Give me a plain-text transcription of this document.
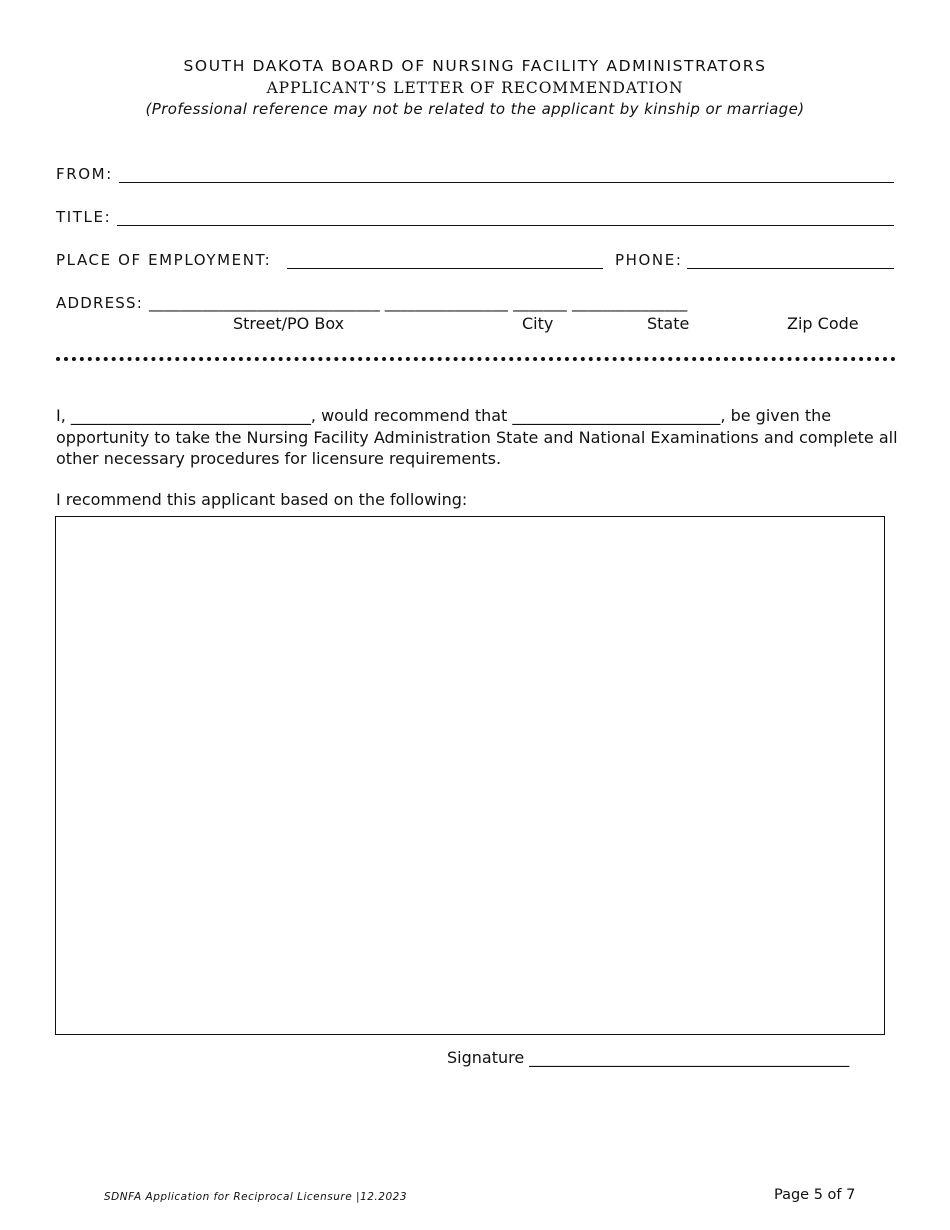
SOUTH DAKOTA BOARD OF NURSING FACILITY ADMINISTRATORS
APPLICANT’S LETTER OF RECOMMENDATION
(Professional reference may not be related to the applicant by kinship or marriage)
FROM:
TITLE:
PLACE OF EMPLOYMENT:	PHONE:
ADDRESS: ______________________________ ________________ _______ _______________
Street/PO Box	City	State	Zip Code
I, ______________________________, would recommend that __________________________, be given the opportunity to take the Nursing Facility Administration State and National Examinations and complete all other necessary procedures for licensure requirements.
I recommend this applicant based on the following:
Signature ________________________________________
SDNFA Application for Reciprocal Licensure |12.2023	Page 5 of 7
